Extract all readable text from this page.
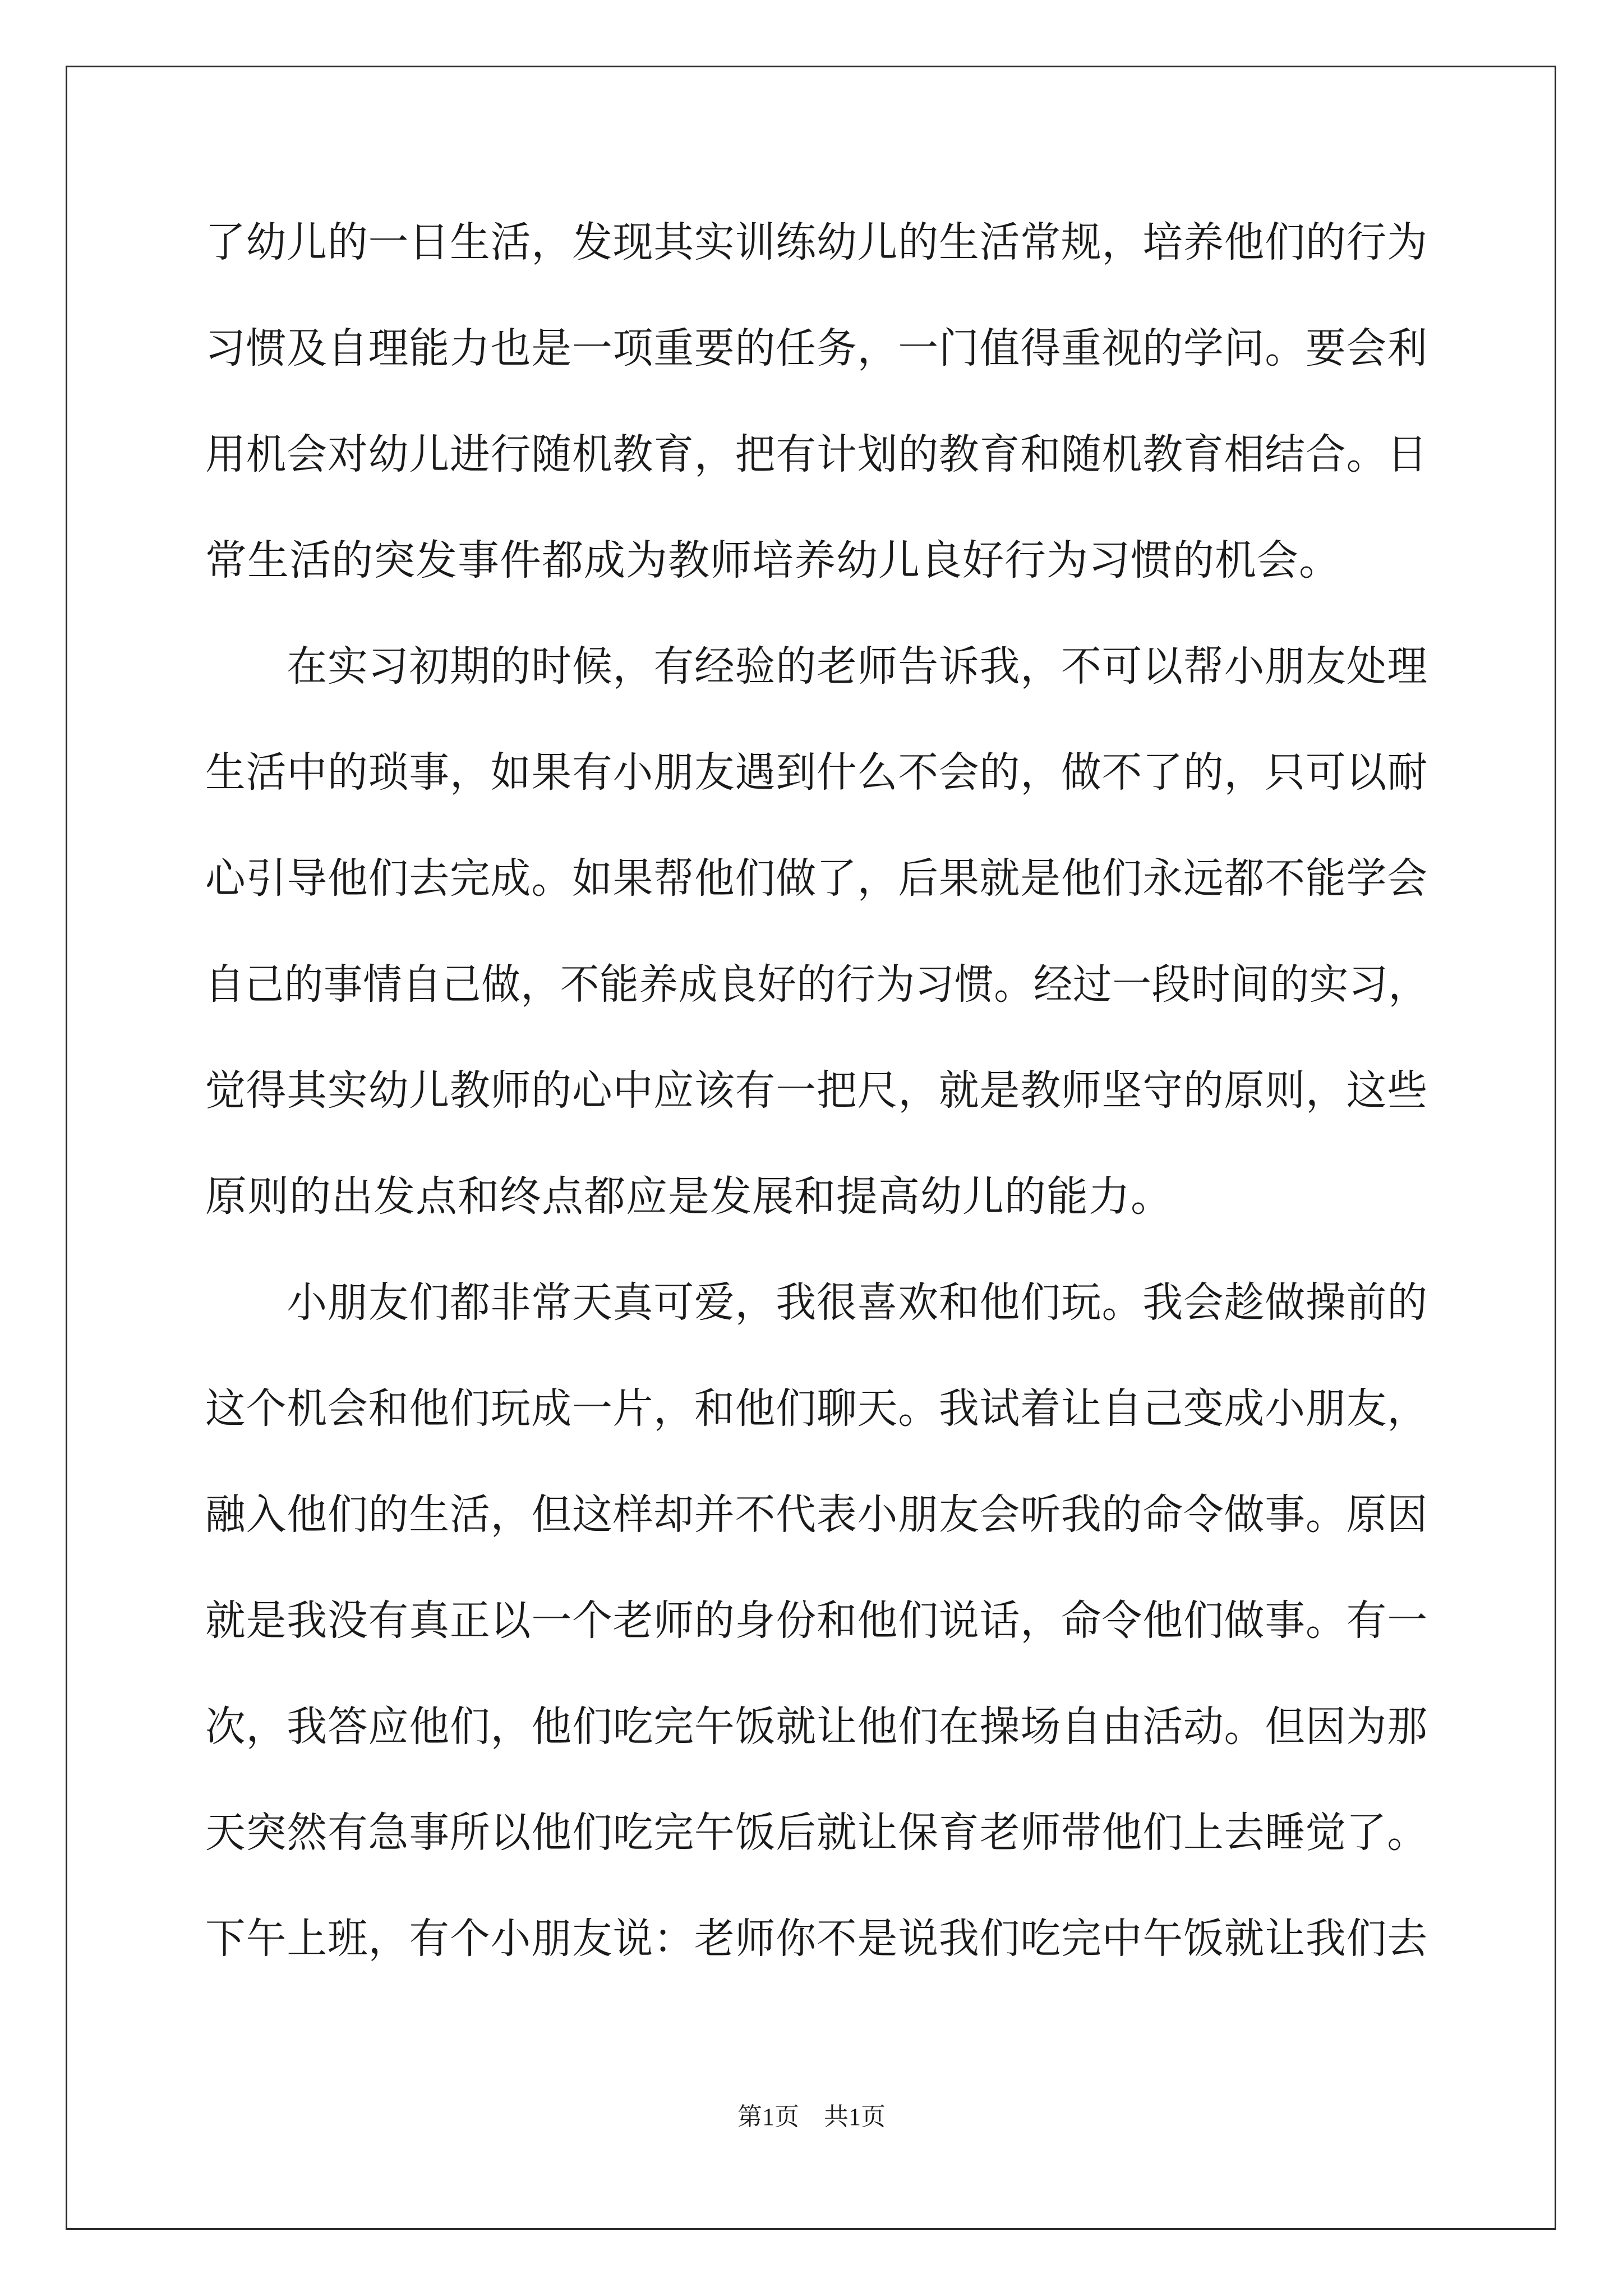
了幼儿的一日生活，发现其实训练幼儿的生活常规，培养他们的行为
习惯及自理能力也是一项重要的任务，一门值得重视的学问。要会利
用机会对幼儿进行随机教育，把有计划的教育和随机教育相结合。日
常生活的突发事件都成为教师培养幼儿良好行为习惯的机会。
　　在实习初期的时候，有经验的老师告诉我，不可以帮小朋友处理
生活中的琐事，如果有小朋友遇到什么不会的，做不了的，只可以耐
心引导他们去完成。如果帮他们做了，后果就是他们永远都不能学会
自己的事情自己做，不能养成良好的行为习惯。经过一段时间的实习，
觉得其实幼儿教师的心中应该有一把尺，就是教师坚守的原则，这些
原则的出发点和终点都应是发展和提高幼儿的能力。
　　小朋友们都非常天真可爱，我很喜欢和他们玩。我会趁做操前的
这个机会和他们玩成一片，和他们聊天。我试着让自己变成小朋友，
融入他们的生活，但这样却并不代表小朋友会听我的命令做事。原因
就是我没有真正以一个老师的身份和他们说话，命令他们做事。有一
次，我答应他们，他们吃完午饭就让他们在操场自由活动。但因为那
天突然有急事所以他们吃完午饭后就让保育老师带他们上去睡觉了。
下午上班，有个小朋友说：老师你不是说我们吃完中午饭就让我们去
第1页　共1页
